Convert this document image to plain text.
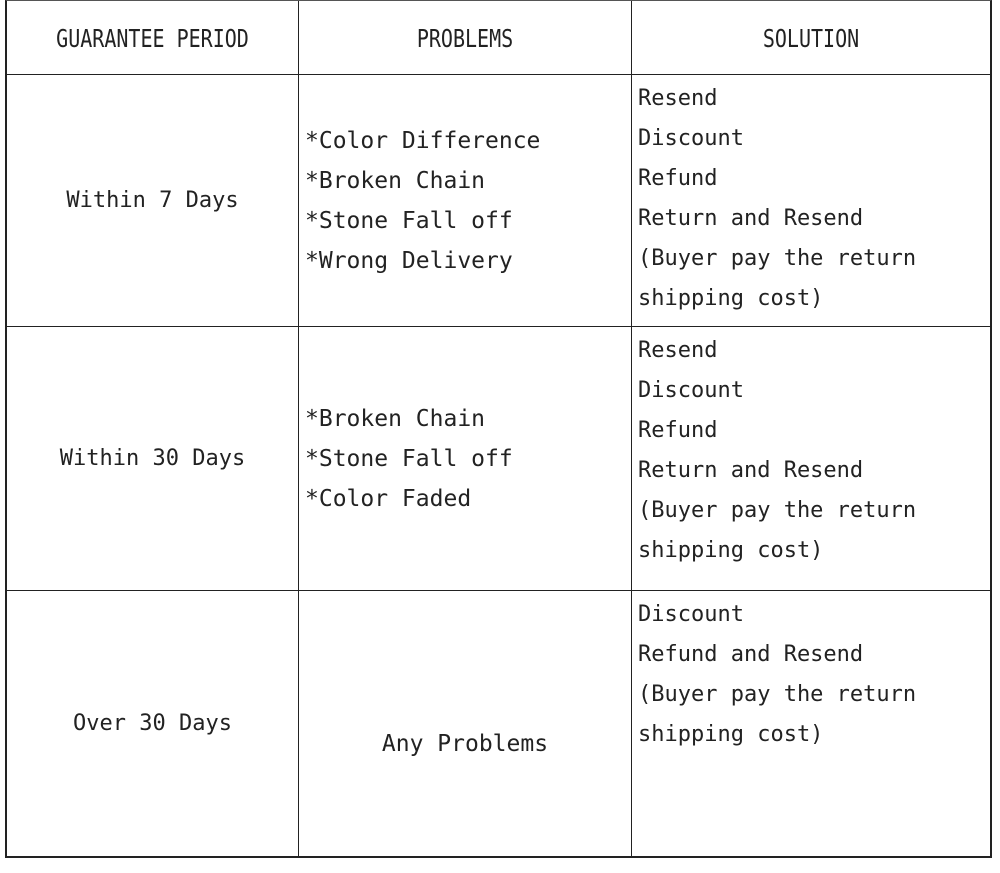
GUARANTEE PERIOD	PROBLEMS	SOLUTION
Within 7 Days
*Color Difference
*Broken Chain
*Stone Fall off
*Wrong Delivery
Resend
Discount
Refund
Return and Resend
(Buyer pay the return
shipping cost)
Within 30 Days
*Broken Chain
*Stone Fall off
*Color Faded
Resend
Discount
Refund
Return and Resend
(Buyer pay the return
shipping cost)
Over 30 Days
Any Problems
Discount
Refund and Resend
(Buyer pay the return
shipping cost)
